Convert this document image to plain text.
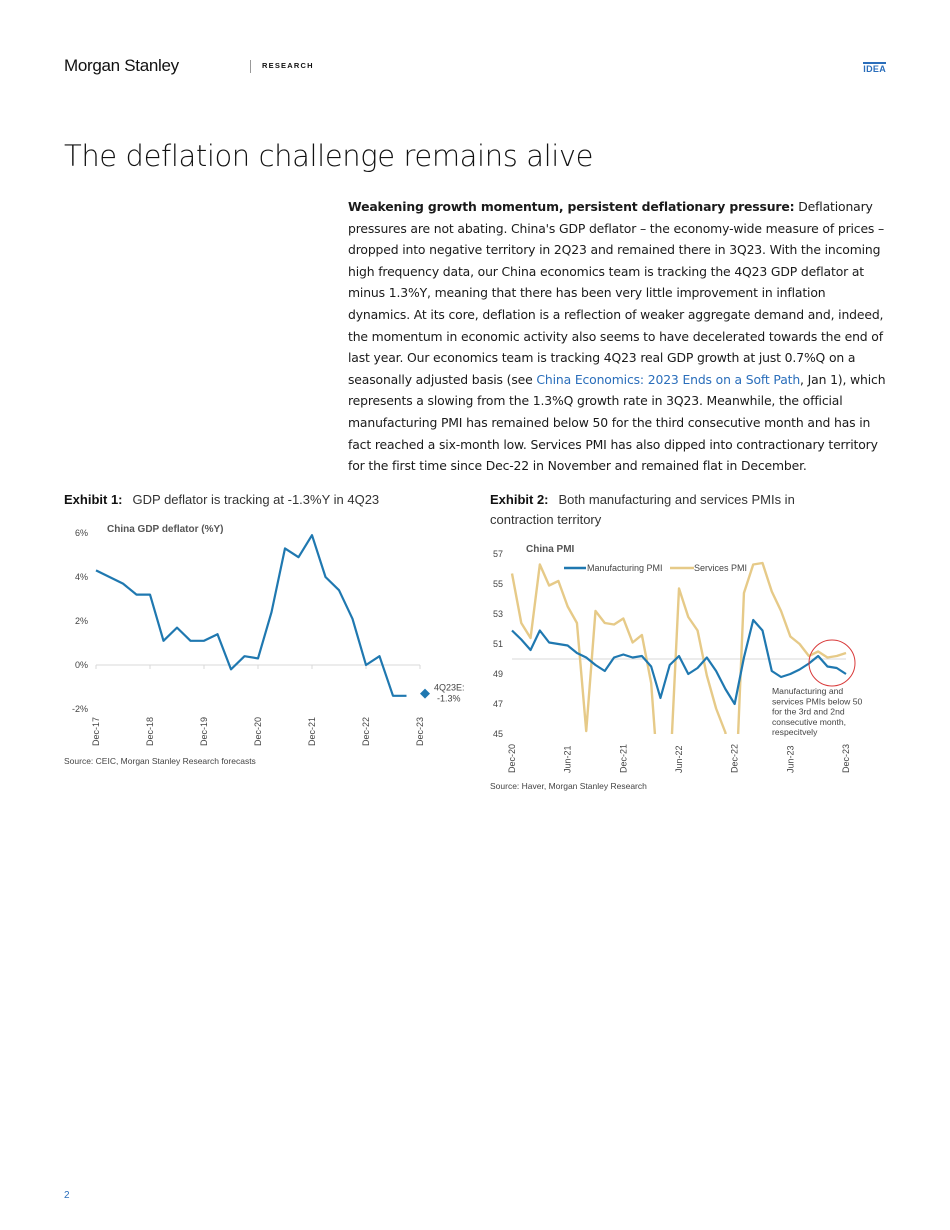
Morgan Stanley	RESEARCH	IDEA
The deflation challenge remains alive

Weakening growth momentum, persistent deflationary pressure: Deflationary pressures are not abating. China's GDP deflator – the economy-wide measure of prices – dropped into negative territory in 2Q23 and remained there in 3Q23. With the incoming high frequency data, our China economics team is tracking the 4Q23 GDP deflator at minus 1.3%Y, meaning that there has been very little improvement in inflation dynamics. At its core, deflation is a reflection of weaker aggregate demand and, indeed, the momentum in economic activity also seems to have decelerated towards the end of last year. Our economics team is tracking 4Q23 real GDP growth at just 0.7%Q on a seasonally adjusted basis (see China Economics: 2023 Ends on a Soft Path, Jan 1), which represents a slowing from the 1.3%Q growth rate in 3Q23. Meanwhile, the official manufacturing PMI has remained below 50 for the third consecutive month and has in fact reached a six-month low. Services PMI has also dipped into contractionary territory for the first time since Dec-22 in November and remained flat in December.

Exhibit 1: GDP deflator is tracking at -1.3%Y in 4Q23
China GDP deflator (%Y)
6%
4%
2%
0%
-2%
Dec-17	Dec-18	Dec-19	Dec-20	Dec-21	Dec-22	Dec-23
4Q23E:
-1.3%
Source: CEIC, Morgan Stanley Research forecasts
Exhibit 2: Both manufacturing and services PMIs in contraction territory
China PMI
57
55
53
51
49
47
45
Dec-20	Jun-21	Dec-21	Jun-22	Dec-22	Jun-23	Dec-23
Manufacturing PMI	Services PMI
Manufacturing and services PMIs below 50 for the 3rd and 2nd consecutive month, respecitvely
Source: Haver, Morgan Stanley Research
2
